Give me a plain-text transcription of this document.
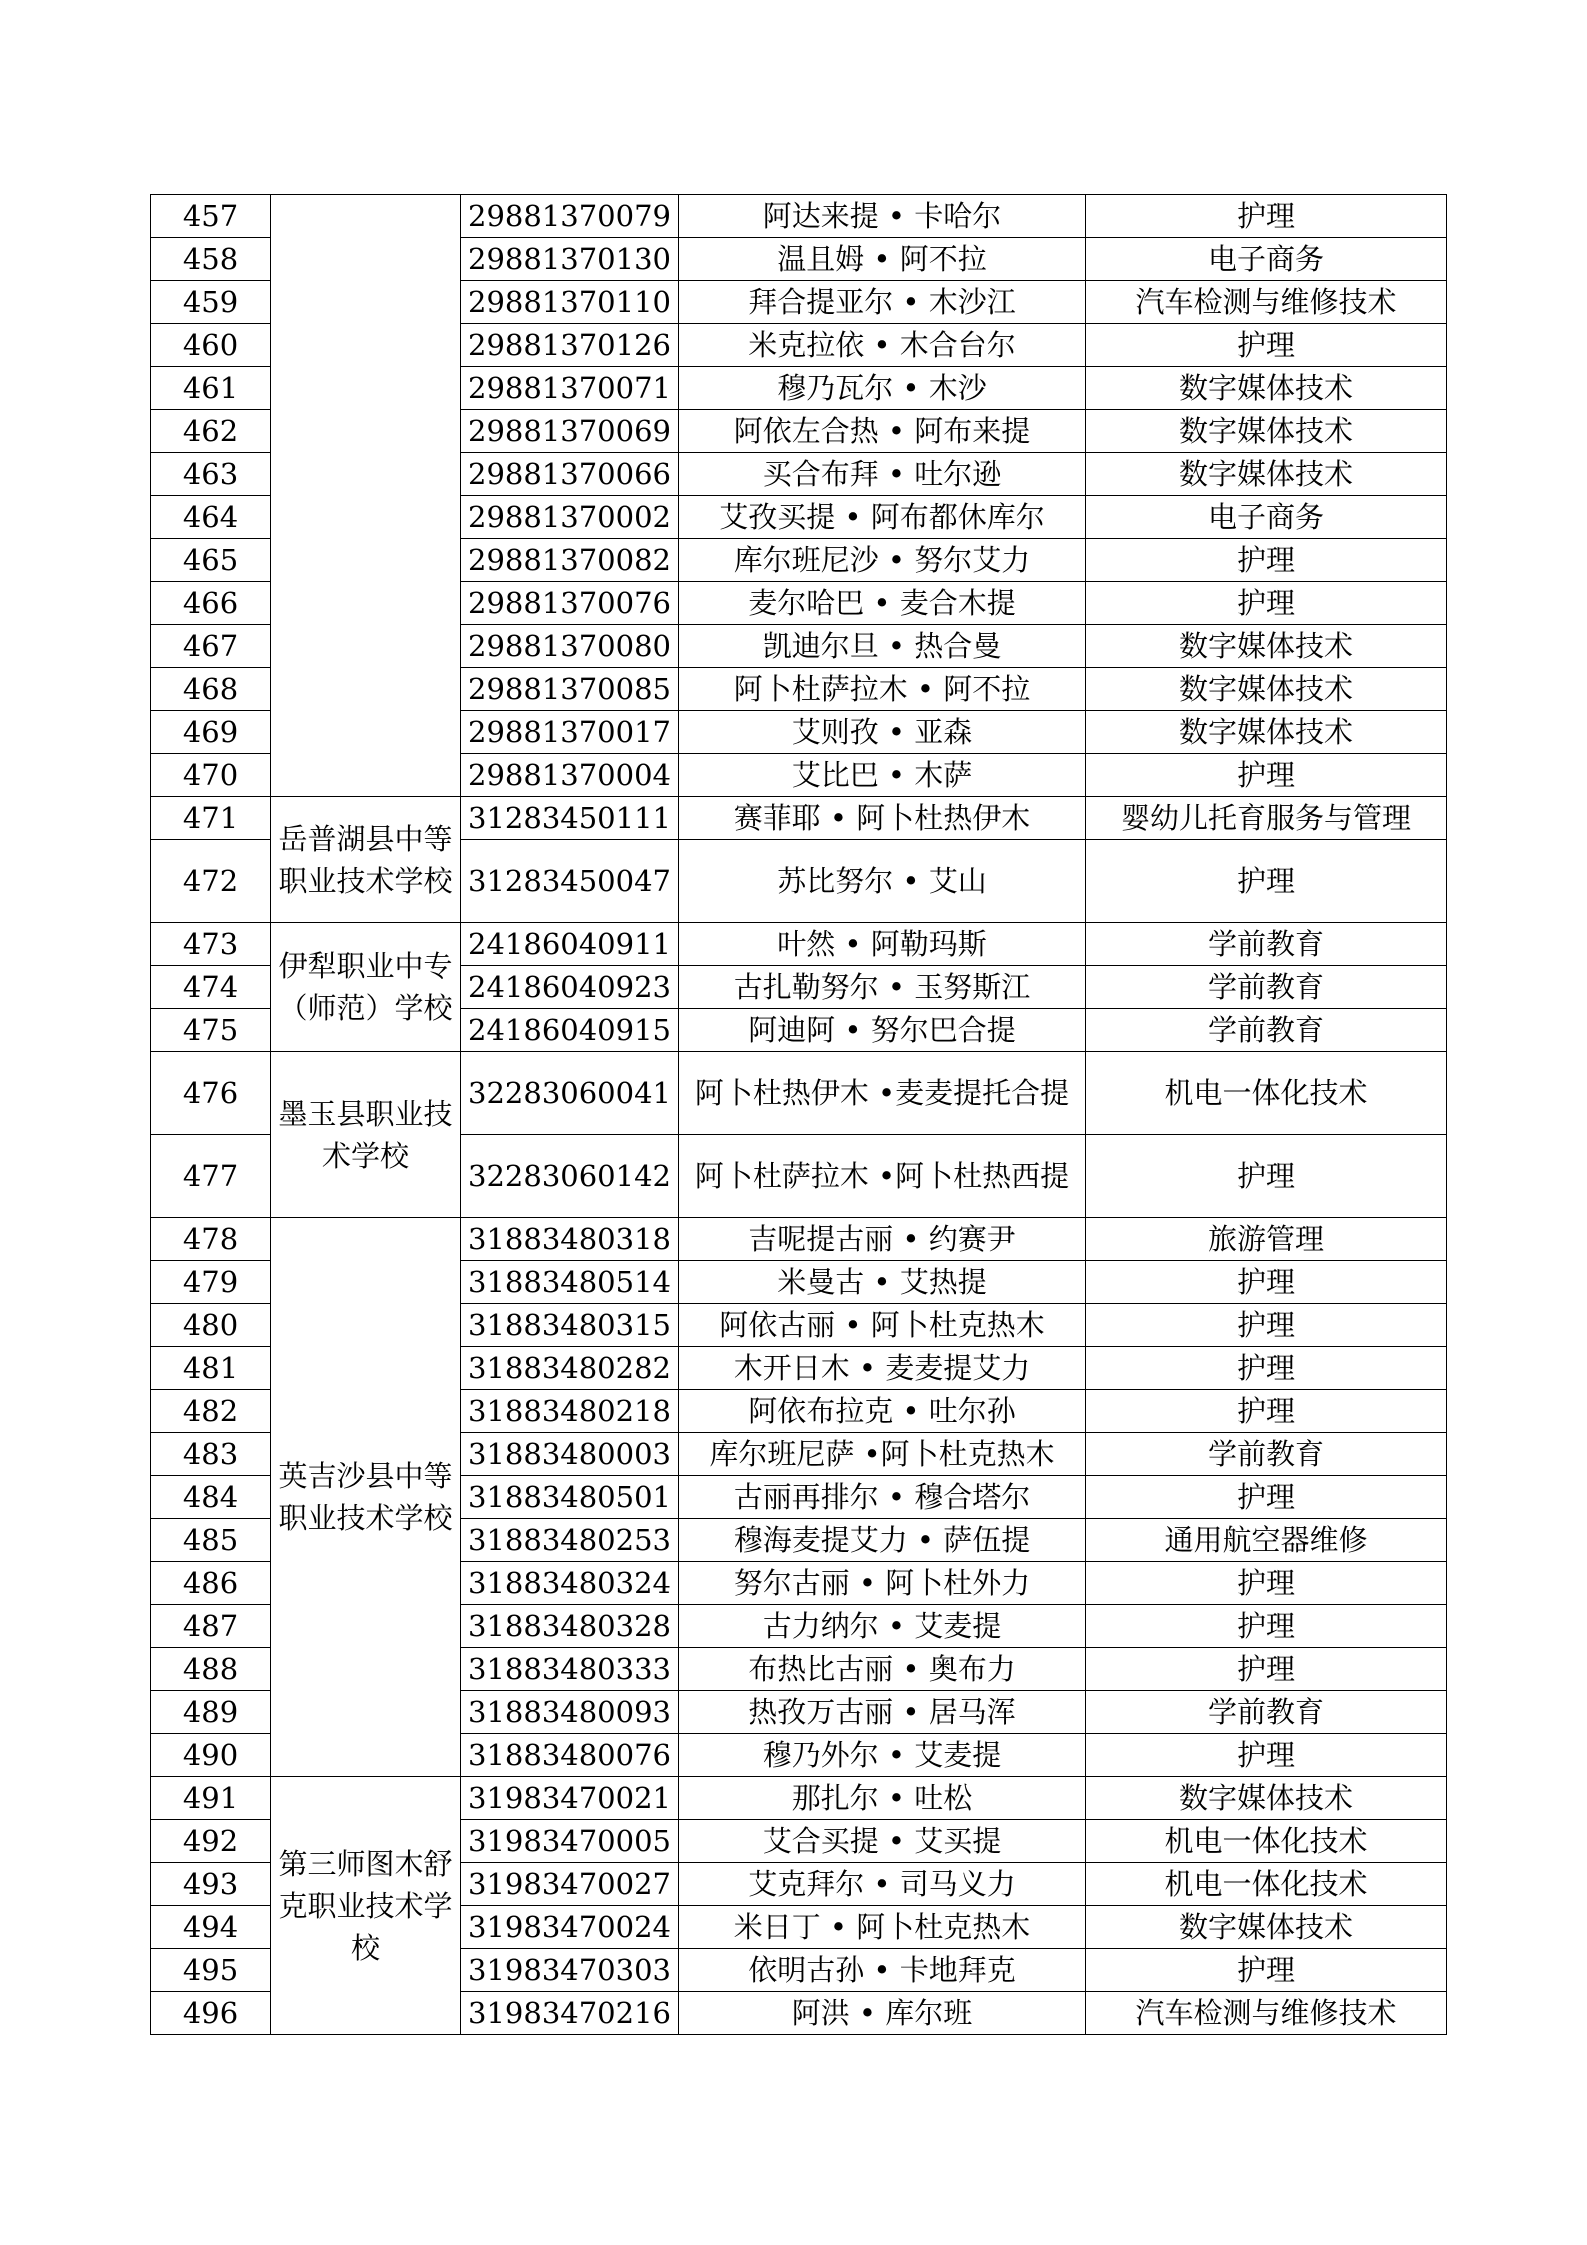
457		29881370079	阿达来提 • 卡哈尔	护理
458		29881370130	温且姆 • 阿不拉	电子商务
459		29881370110	拜合提亚尔 • 木沙江	汽车检测与维修技术
460		29881370126	米克拉依 • 木合台尔	护理
461		29881370071	穆乃瓦尔 • 木沙	数字媒体技术
462		29881370069	阿依左合热 • 阿布来提	数字媒体技术
463		29881370066	买合布拜 • 吐尔逊	数字媒体技术
464		29881370002	艾孜买提 • 阿布都休库尔	电子商务
465		29881370082	库尔班尼沙 • 努尔艾力	护理
466		29881370076	麦尔哈巴 • 麦合木提	护理
467		29881370080	凯迪尔旦 • 热合曼	数字媒体技术
468		29881370085	阿卜杜萨拉木 • 阿不拉	数字媒体技术
469		29881370017	艾则孜 • 亚森	数字媒体技术
470		29881370004	艾比巴 • 木萨	护理
471	岳普湖县中等职业技术学校	31283450111	赛菲耶 • 阿卜杜热伊木	婴幼儿托育服务与管理
472		31283450047	苏比努尔 • 艾山	护理
473	伊犁职业中专（师范）学校	24186040911	叶然 • 阿勒玛斯	学前教育
474		24186040923	古扎勒努尔 • 玉努斯江	学前教育
475		24186040915	阿迪阿 • 努尔巴合提	学前教育
476	墨玉县职业技术学校	32283060041	阿卜杜热伊木 •麦麦提托合提	机电一体化技术
477		32283060142	阿卜杜萨拉木 •阿卜杜热西提	护理
478	英吉沙县中等职业技术学校	31883480318	吉呢提古丽 • 约赛尹	旅游管理
479		31883480514	米曼古 • 艾热提	护理
480		31883480315	阿依古丽 • 阿卜杜克热木	护理
481		31883480282	木开日木 • 麦麦提艾力	护理
482		31883480218	阿依布拉克 • 吐尔孙	护理
483		31883480003	库尔班尼萨 •阿卜杜克热木	学前教育
484		31883480501	古丽再排尔 • 穆合塔尔	护理
485		31883480253	穆海麦提艾力 • 萨伍提	通用航空器维修
486		31883480324	努尔古丽 • 阿卜杜外力	护理
487		31883480328	古力纳尔 • 艾麦提	护理
488		31883480333	布热比古丽 • 奥布力	护理
489		31883480093	热孜万古丽 • 居马浑	学前教育
490		31883480076	穆乃外尔 • 艾麦提	护理
491	第三师图木舒克职业技术学校	31983470021	那扎尔 • 吐松	数字媒体技术
492		31983470005	艾合买提 • 艾买提	机电一体化技术
493		31983470027	艾克拜尔 • 司马义力	机电一体化技术
494		31983470024	米日丁 • 阿卜杜克热木	数字媒体技术
495		31983470303	依明古孙 • 卡地拜克	护理
496		31983470216	阿洪 • 库尔班	汽车检测与维修技术
